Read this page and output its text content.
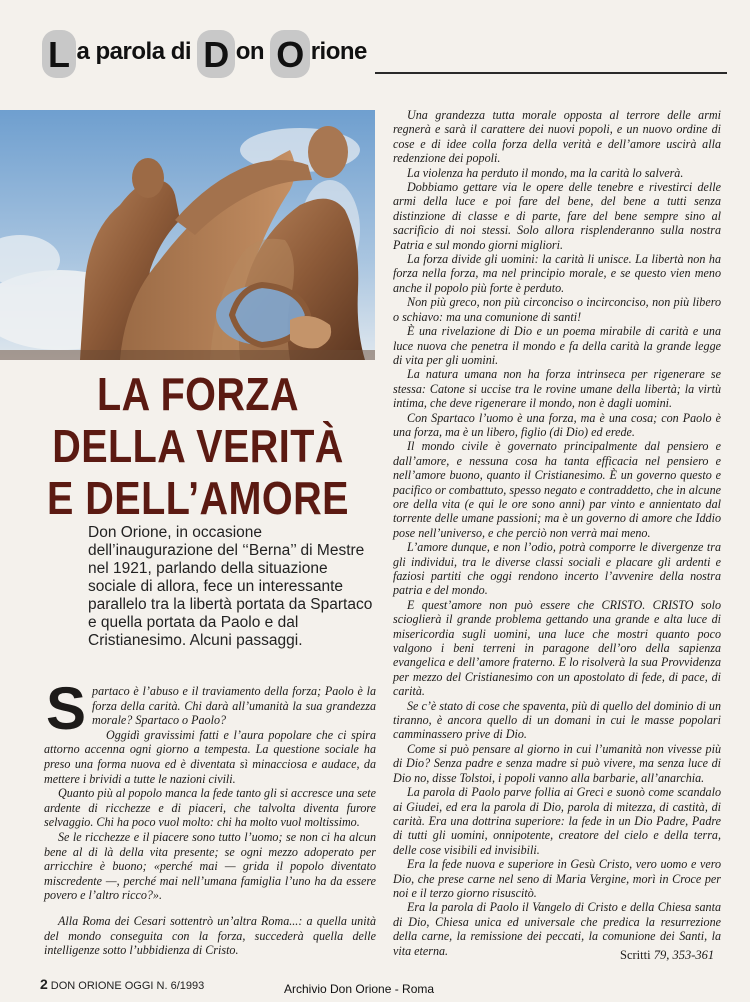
L a parola di D on O rione
LA FORZA
DELLA VERITÀ
E DELL’AMORE
Don Orione, in occasione dell’inaugurazione del ‘‘Berna’’ di Mestre nel 1921, parlando della situazione sociale di allora, fece un interessante parallelo tra la libertà portata da Spartaco e quella portata da Paolo e dal Cristianesimo. Alcuni passaggi.

Spartaco è l’abuso e il traviamento della forza; Paolo è la forza della carità. Chi darà all’umanità la sua grandezza morale? Spartaco o Paolo?

Oggidì gravissimi fatti e l’aura popolare che ci spira attorno accenna ogni giorno a tempesta. La questione sociale ha preso una forma nuova ed è diventata sì minacciosa e audace, da mettere i brividi a tutte le nazioni civili.

Quanto più al popolo manca la fede tanto gli si accresce una sete ardente di ricchezze e di piaceri, che talvolta diventa furore selvaggio. Chi ha poco vuol molto: chi ha molto vuol moltissimo.

Se le ricchezze e il piacere sono tutto l’uomo; se non ci ha alcun bene al di là della vita presente; se ogni mezzo adoperato per arricchire è buono; «perché mai — grida il popolo diventato miscredente —, perché mai nell’umana famiglia l’uno ha da essere povero e l’altro ricco?».

Alla Roma dei Cesari sottentrò un’altra Roma...: a quella unità del mondo conseguita con la forza, succederà quella delle intelligenze sotto l’ubbidienza di Cristo.

Una grandezza tutta morale opposta al terrore delle armi regnerà e sarà il carattere dei nuovi popoli, e un nuovo ordine di cose e di idee colla forza della verità e dell’amore uscirà alla redenzione dei popoli.

La violenza ha perduto il mondo, ma la carità lo salverà.

Dobbiamo gettare via le opere delle tenebre e rivestirci delle armi della luce e poi fare del bene, del bene a tutti senza distinzione di classe e di parte, fare del bene sempre sino al sacrificio di noi stessi. Solo allora risplenderanno sulla nostra Patria e sul mondo giorni migliori.

La forza divide gli uomini: la carità li unisce. La libertà non ha forza nella forza, ma nel principio morale, e se questo vien meno anche il popolo più forte è perduto.

Non più greco, non più circonciso o incirconciso, non più libero o schiavo: ma una comunione di santi!

È una rivelazione di Dio e un poema mirabile di carità e una luce nuova che penetra il mondo e fa della carità la grande legge di vita per gli uomini.

La natura umana non ha forza intrinseca per rigenerare se stessa: Catone si uccise tra le rovine umane della libertà; la virtù intima, che deve rigenerare il mondo, non è dagli uomini.

Con Spartaco l’uomo è una forza, ma è una cosa; con Paolo è una forza, ma è un libero, figlio (di Dio) ed erede.

Il mondo civile è governato principalmente dal pensiero e dall’amore, e nessuna cosa ha tanta efficacia nel pensiero e nell’amore buono, quanto il Cristianesimo. È un governo questo e pacifico or combattuto, spesso negato e contraddetto, che in alcune ore della vita (e qui le ore sono anni) par vinto e annientato dal torrente delle umane passioni; ma è un governo di amore che Iddio pose nell’universo, e che perciò non verrà mai meno.

L’amore dunque, e non l’odio, potrà comporre le divergenze tra gli individui, tra le diverse classi sociali e placare gli ardenti e faziosi partiti che oggi rendono incerto l’avvenire della nostra patria e del mondo.

E quest’amore non può essere che CRISTO. CRISTO solo scioglierà il grande problema gettando una grande e alta luce di misericordia sugli uomini, una luce che mostri quanto poco valgono i beni terreni in paragone dell’oro della sapienza evangelica e dell’amore fraterno. E lo risolverà la sua Provvidenza per mezzo del Cristianesimo con un apostolato di fede, di pace, di carità.

Se c’è stato di cose che spaventa, più di quello del dominio di un tiranno, è ancora quello di un domani in cui le masse popolari camminassero prive di Dio.

Come si può pensare al giorno in cui l’umanità non vivesse più di Dio? Senza padre e senza madre si può vivere, ma senza luce di Dio no, disse Tolstoi, i popoli vanno alla barbarie, all’anarchia.

La parola di Paolo parve follia ai Greci e suonò come scandalo ai Giudei, ed era la parola di Dio, parola di mitezza, di castità, di carità. Era una dottrina superiore: la fede in un Dio Padre, Padre di tutti gli uomini, onnipotente, creatore del cielo e della terra, delle cose visibili ed invisibili.

Era la fede nuova e superiore in Gesù Cristo, vero uomo e vero Dio, che prese carne nel seno di Maria Vergine, morì in Croce per noi e il terzo giorno risuscitò.

Era la parola di Paolo il Vangelo di Cristo e della Chiesa santa di Dio, Chiesa unica ed universale che predica la resurrezione della carne, la remissione dei peccati, la comunione dei Santi, la vita eterna.	Scritti 79, 353-361
2 DON ORIONE OGGI N. 6/1993	Archivio Don Orione - Roma
